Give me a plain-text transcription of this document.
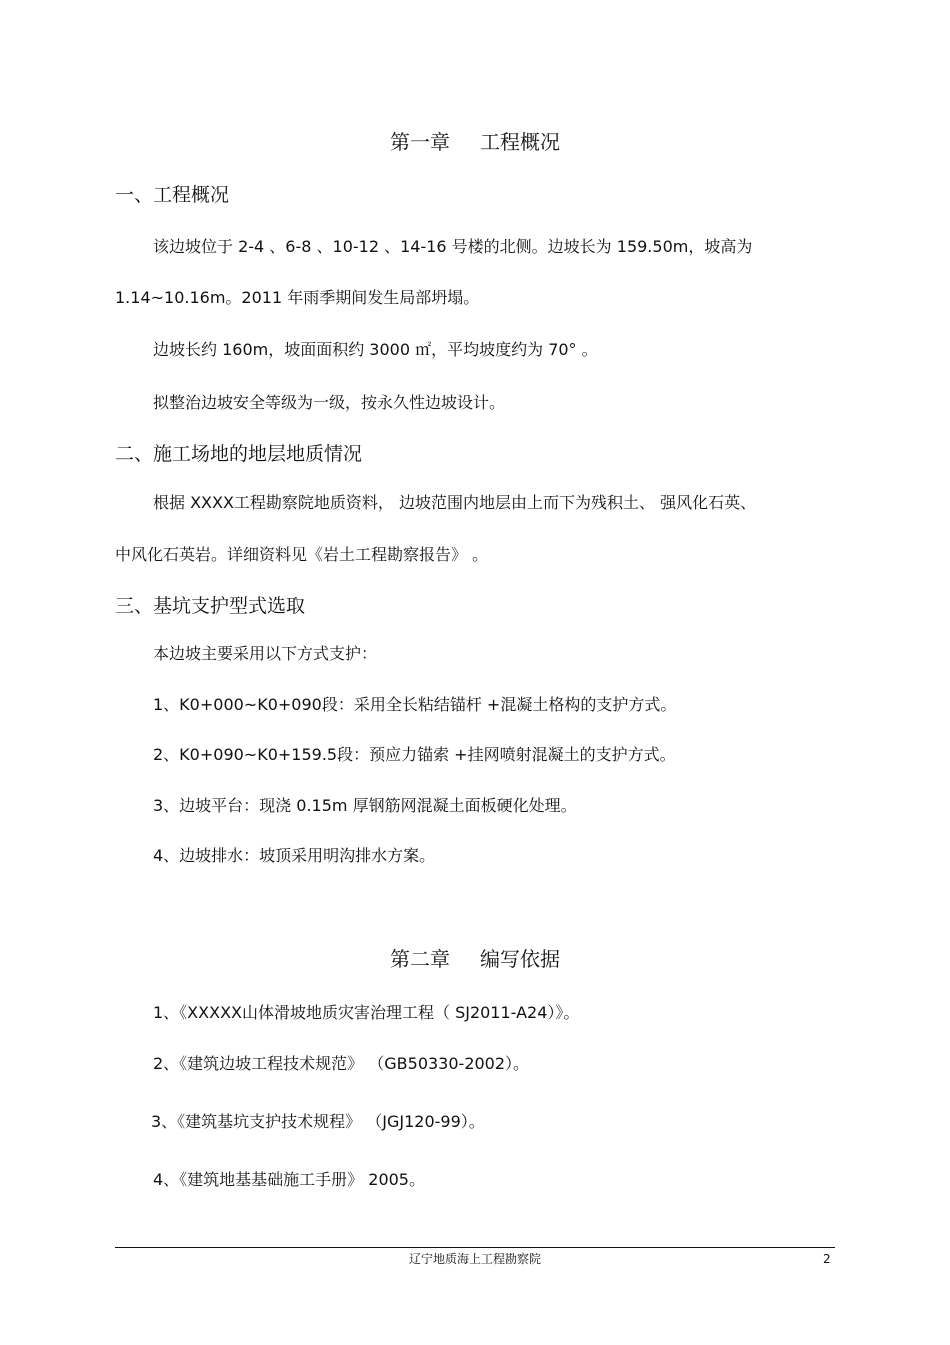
第一章 工程概况
一、工程概况
该边坡位于 2-4 、6-8 、10-12 、14-16 号楼的北侧。边坡长为 159.50m，坡高为
1.14~10.16m。2011 年雨季期间发生局部坍塌。
边坡长约 160m，坡面面积约 3000 ㎡，平均坡度约为 70° 。
拟整治边坡安全等级为一级，按永久性边坡设计。
二、施工场地的地层地质情况
根据 XXXX工程勘察院地质资料， 边坡范围内地层由上而下为残积土、 强风化石英、
中风化石英岩。详细资料见《岩土工程勘察报告》 。
三、基坑支护型式选取
本边坡主要采用以下方式支护：
1、K0+000~K0+090段：采用全长粘结锚杆 +混凝土格构的支护方式。
2、K0+090~K0+159.5段：预应力锚索 +挂网喷射混凝土的支护方式。
3、边坡平台：现浇 0.15m 厚钢筋网混凝土面板硬化处理。
4、边坡排水：坡顶采用明沟排水方案。
第二章 编写依据
1、《XXXXX山体滑坡地质灾害治理工程（ SJ2011-A24）》。
2、《建筑边坡工程技术规范》 （GB50330-2002）。
3、《建筑基坑支护技术规程》 （JGJ120-99）。
4、《建筑地基基础施工手册》 2005。
辽宁地质海上工程勘察院	2
